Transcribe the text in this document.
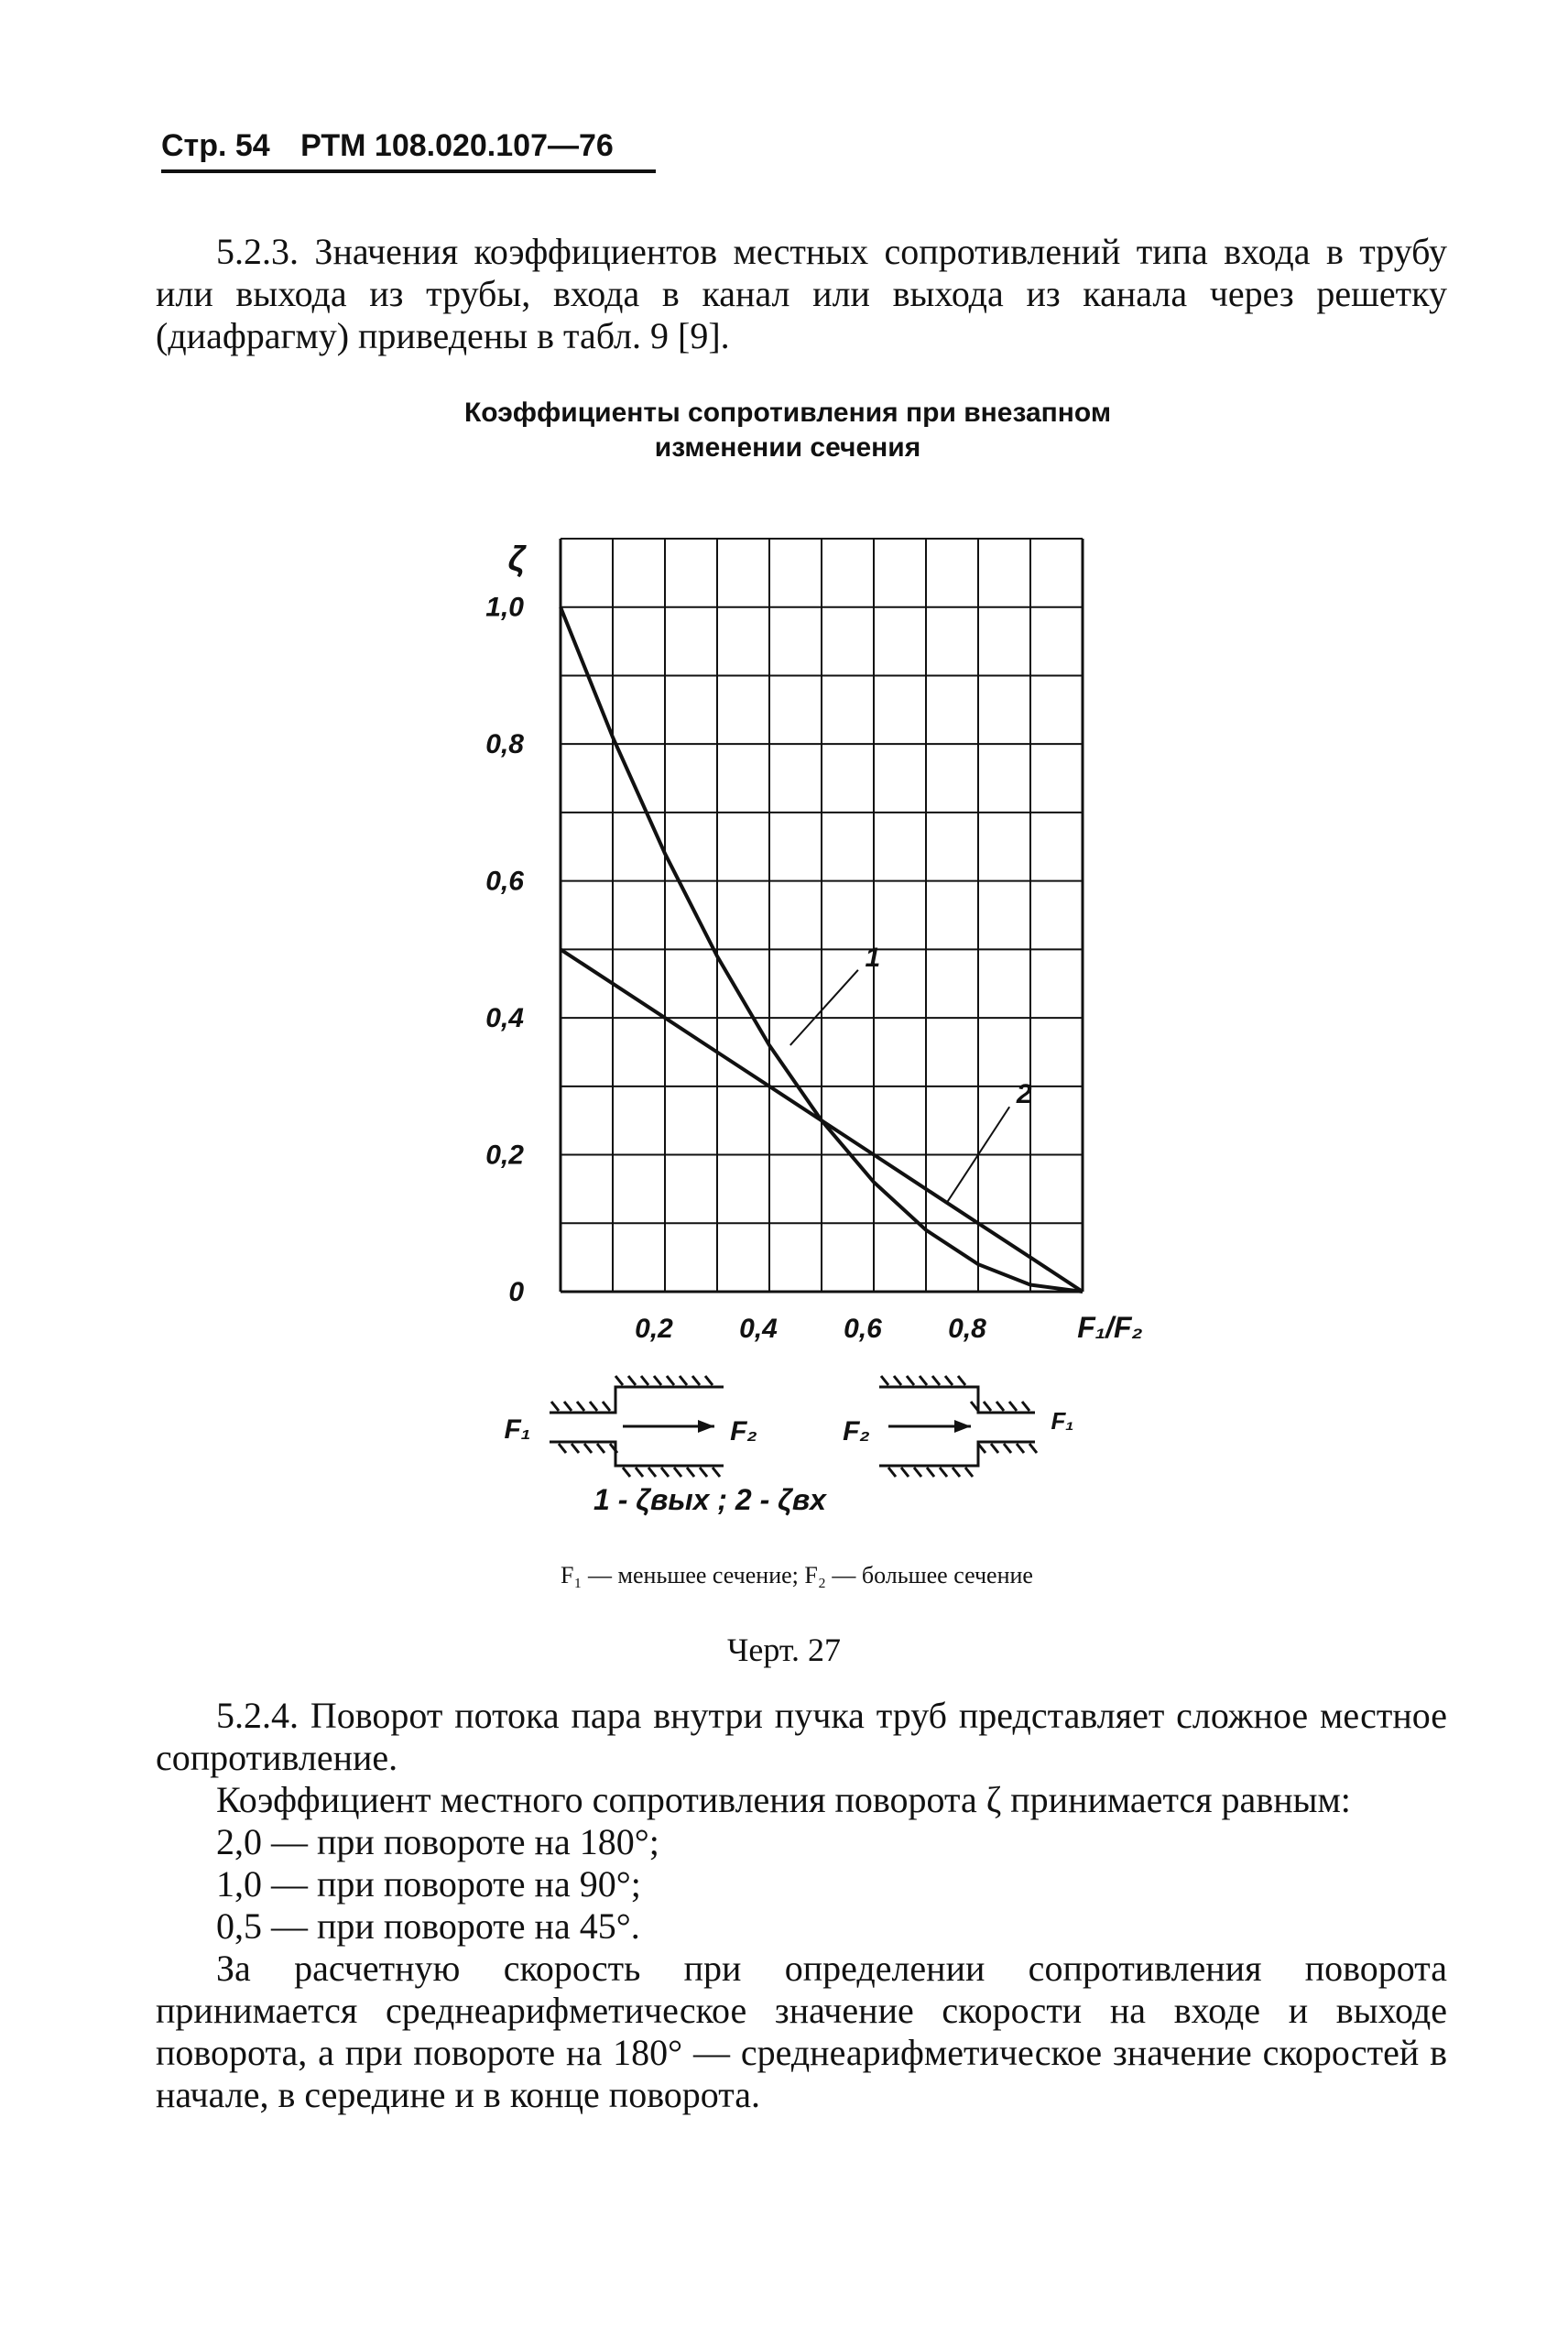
Стр. 54 РТМ 108.020.107—76
5.2.3. Значения коэффициентов местных сопротивлений типа входа в трубу или выхода из трубы, входа в канал или выхода из канала через решетку (диафрагму) приведены в табл. 9 [9].
Коэффициенты сопротивления при внезапном изменении сечения
0
0,2
0,4
0,6
0,8
1,0
0,2 0,4 0,6 0,8
ζ
F₁/F₂
1
2
F₁	F₂	F₂	F₁
1 - ζвых ; 2 - ζвх
F₁ — меньшее сечение; F₂ — большее сечение
Черт. 27
5.2.4. Поворот потока пара внутри пучка труб представляет сложное местное сопротивление.
Коэффициент местного сопротивления поворота ζ принимается равным:
2,0 — при повороте на 180°;
1,0 — при повороте на 90°;
0,5 — при повороте на 45°.
За расчетную скорость при определении сопротивления поворота принимается среднеарифметическое значение скорости на входе и выходе поворота, а при повороте на 180° — среднеарифметическое значение скоростей в начале, в середине и в конце поворота.
